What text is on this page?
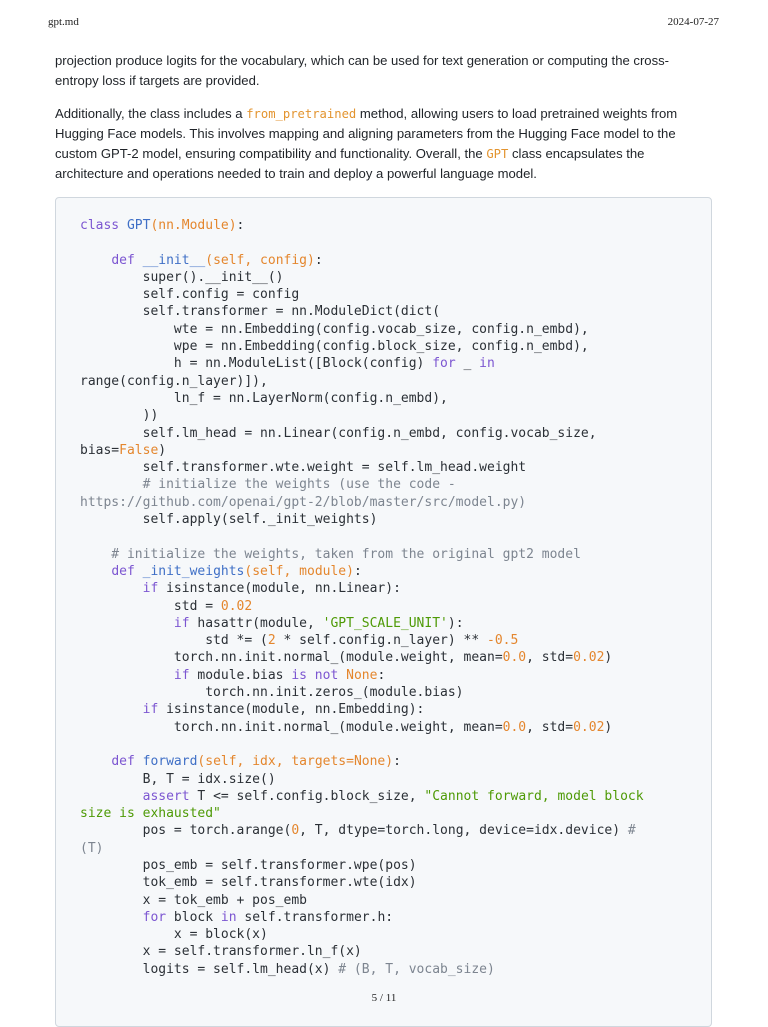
gpt.md	2024-07-27

projection produce logits for the vocabulary, which can be used for text generation or computing the cross-
entropy loss if targets are provided.

Additionally, the class includes a from_pretrained method, allowing users to load pretrained weights from Hugging Face models. This involves mapping and aligning parameters from the Hugging Face model to the custom GPT-2 model, ensuring compatibility and functionality. Overall, the GPT class encapsulates the architecture and operations needed to train and deploy a powerful language model.

class GPT(nn.Module):

def __init__(self, config):
super().__init__()
self.config = config
self.transformer = nn.ModuleDict(dict(
wte = nn.Embedding(config.vocab_size, config.n_embd),
wpe = nn.Embedding(config.block_size, config.n_embd),
h = nn.ModuleList([Block(config) for _ in
range(config.n_layer)]),
ln_f = nn.LayerNorm(config.n_embd),
))
self.lm_head = nn.Linear(config.n_embd, config.vocab_size,
bias=False)
self.transformer.wte.weight = self.lm_head.weight
# initialize the weights (use the code -
https://github.com/openai/gpt-2/blob/master/src/model.py)
self.apply(self._init_weights)

# initialize the weights, taken from the original gpt2 model
def _init_weights(self, module):
if isinstance(module, nn.Linear):
std = 0.02
if hasattr(module, 'GPT_SCALE_UNIT'):
std *= (2 * self.config.n_layer) ** -0.5
torch.nn.init.normal_(module.weight, mean=0.0, std=0.02)
if module.bias is not None:
torch.nn.init.zeros_(module.bias)
if isinstance(module, nn.Embedding):
torch.nn.init.normal_(module.weight, mean=0.0, std=0.02)

def forward(self, idx, targets=None):
B, T = idx.size()
assert T <= self.config.block_size, "Cannot forward, model block
size is exhausted"
pos = torch.arange(0, T, dtype=torch.long, device=idx.device) #
(T)
pos_emb = self.transformer.wpe(pos)
tok_emb = self.transformer.wte(idx)
x = tok_emb + pos_emb
for block in self.transformer.h:
x = block(x)
x = self.transformer.ln_f(x)
logits = self.lm_head(x) # (B, T, vocab_size)

5 / 11
